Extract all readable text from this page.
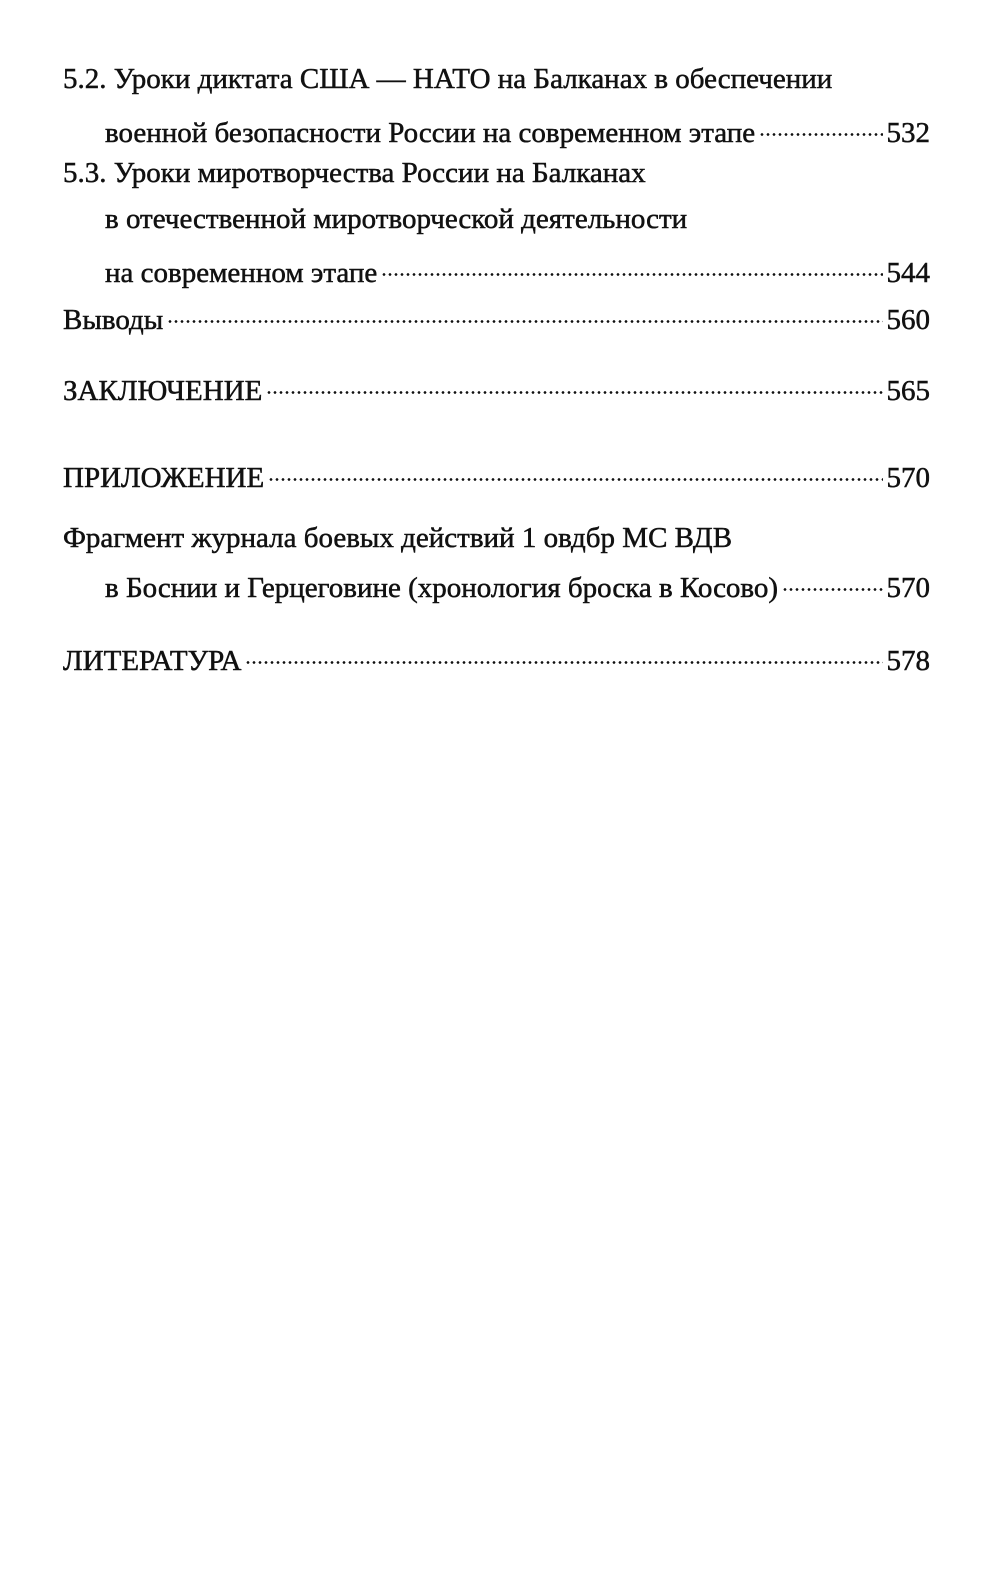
5.2. Уроки диктата США — НАТО на Балканах в обеспечении
военной безопасности России на современном этапе	532
5.3. Уроки миротворчества России на Балканах
в отечественной миротворческой деятельности
на современном этапе	544
Выводы	560
ЗАКЛЮЧЕНИЕ	565
ПРИЛОЖЕНИЕ	570
Фрагмент журнала боевых действий 1 овдбр МС ВДВ
в Боснии и Герцеговине (хронология броска в Косово)	570
ЛИТЕРАТУРА	578
